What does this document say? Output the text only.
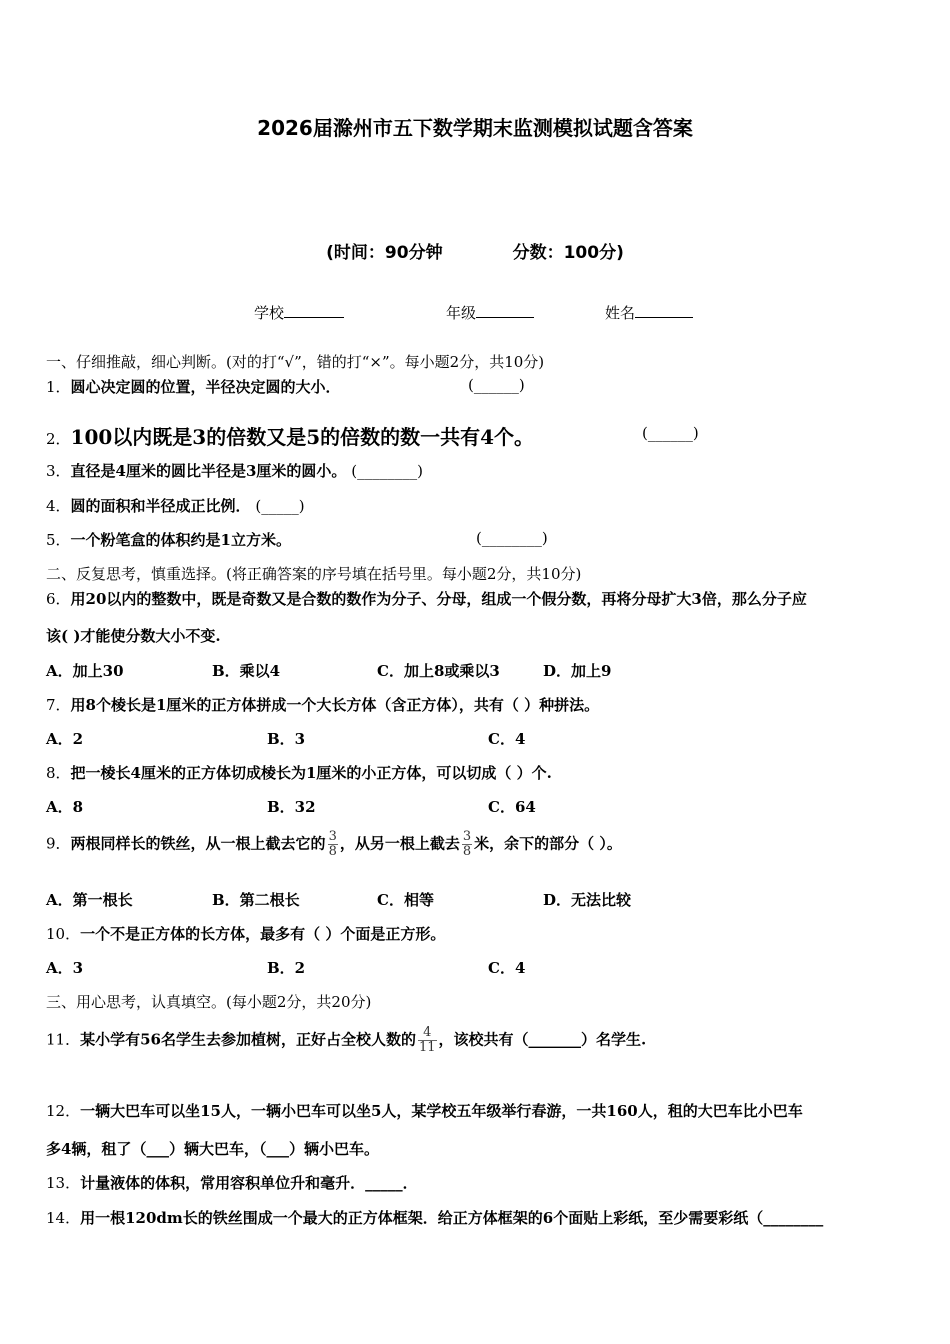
2026届滁州市五下数学期末监测模拟试题含答案
(时间：90分钟	分数：100分)
学校	年级	姓名
一、仔细推敲，细心判断。(对的打“√”，错的打“×”。每小题2分，共10分)
1．圆心决定圆的位置，半径决定圆的大小．	(______)
2．100以内既是3的倍数又是5的倍数的数一共有4个。	(______)
3．直径是4厘米的圆比半径是3厘米的圆小。 (________)
4．圆的面积和半径成正比例． (_____)
5．一个粉笔盒的体积约是1立方米。	(________)
二、反复思考，慎重选择。(将正确答案的序号填在括号里。每小题2分，共10分)
6．用20以内的整数中，既是奇数又是合数的数作为分子、分母，组成一个假分数，再将分母扩大3倍，那么分子应
该( )才能使分数大小不变.
A．加上30	B．乘以4	C．加上8或乘以3	D．加上9
7．用8个棱长是1厘米的正方体拼成一个大长方体（含正方体），共有（ ）种拼法。
A．2	B．3	C．4
8．把一棱长4厘米的正方体切成棱长为1厘米的小正方体，可以切成（ ）个.
A．8	B．32	C．64
9．两根同样长的铁丝，从一根上截去它的 $\frac{3}{8}$ ，从另一根上截去 $\frac{3}{8}$ 米，余下的部分（ ）。
A．第一根长	B．第二根长	C．相等	D．无法比较
10．一个不是正方体的长方体，最多有（ ）个面是正方形。
A．3	B．2	C．4
三、用心思考，认真填空。(每小题2分，共20分)
11．某小学有56名学生去参加植树，正好占全校人数的 $\frac{4}{11}$ ，该校共有（_______）名学生.
12．一辆大巴车可以坐15人，一辆小巴车可以坐5人，某学校五年级举行春游，一共160人，租的大巴车比小巴车
多4辆，租了（___）辆大巴车，（___）辆小巴车。
13．计量液体的体积，常用容积单位升和毫升．_____．
14．用一根120dm长的铁丝围成一个最大的正方体框架．给正方体框架的6个面贴上彩纸，至少需要彩纸（________
